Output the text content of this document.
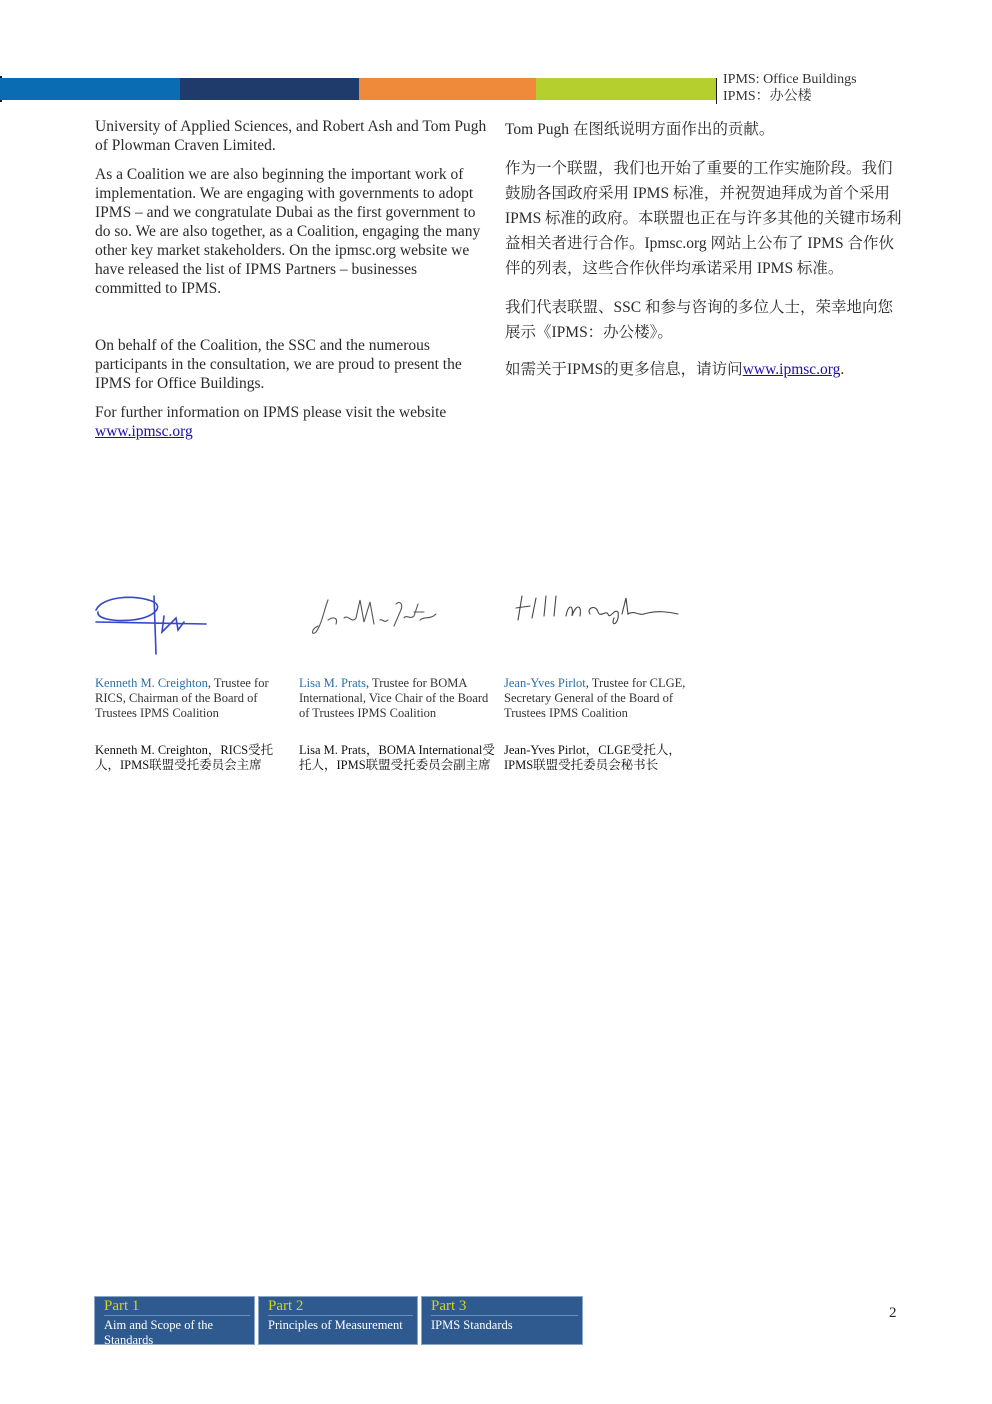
IPMS: Office Buildings
IPMS：办公楼

University of Applied Sciences, and Robert Ash and Tom Pugh of Plowman Craven Limited.

As a Coalition we are also beginning the important work of implementation. We are engaging with governments to adopt IPMS – and we congratulate Dubai as the first government to do so. We are also together, as a Coalition, engaging the many other key market stakeholders. On the ipmsc.org website we have released the list of IPMS Partners – businesses committed to IPMS.

On behalf of the Coalition, the SSC and the numerous participants in the consultation, we are proud to present the IPMS for Office Buildings.

For further information on IPMS please visit the website
www.ipmsc.org

Tom Pugh 在图纸说明方面作出的贡献。

作为一个联盟，我们也开始了重要的工作实施阶段。我们鼓励各国政府采用 IPMS 标准，并祝贺迪拜成为首个采用 IPMS 标准的政府。本联盟也正在与许多其他的关键市场利益相关者进行合作。Ipmsc.org 网站上公布了 IPMS 合作伙伴的列表，这些合作伙伴均承诺采用 IPMS 标准。

我们代表联盟、SSC 和参与咨询的多位人士，荣幸地向您展示《IPMS：办公楼》。

如需关于IPMS的更多信息，请访问www.ipmsc.org.

Kenneth M. Creighton, Trustee for RICS, Chairman of the Board of Trustees IPMS Coalition
Kenneth M. Creighton，RICS受托人，IPMS联盟受托委员会主席
Lisa M. Prats, Trustee for BOMA International, Vice Chair of the Board of Trustees IPMS Coalition
Lisa M. Prats，BOMA International受托人，IPMS联盟受托委员会副主席
Jean-Yves Pirlot, Trustee for CLGE, Secretary General of the Board of Trustees IPMS Coalition
Jean-Yves Pirlot，CLGE受托人，IPMS联盟受托委员会秘书长
Part 1
Aim and Scope of the Standards
Part 2
Principles of Measurement
Part 3
IPMS Standards
2
